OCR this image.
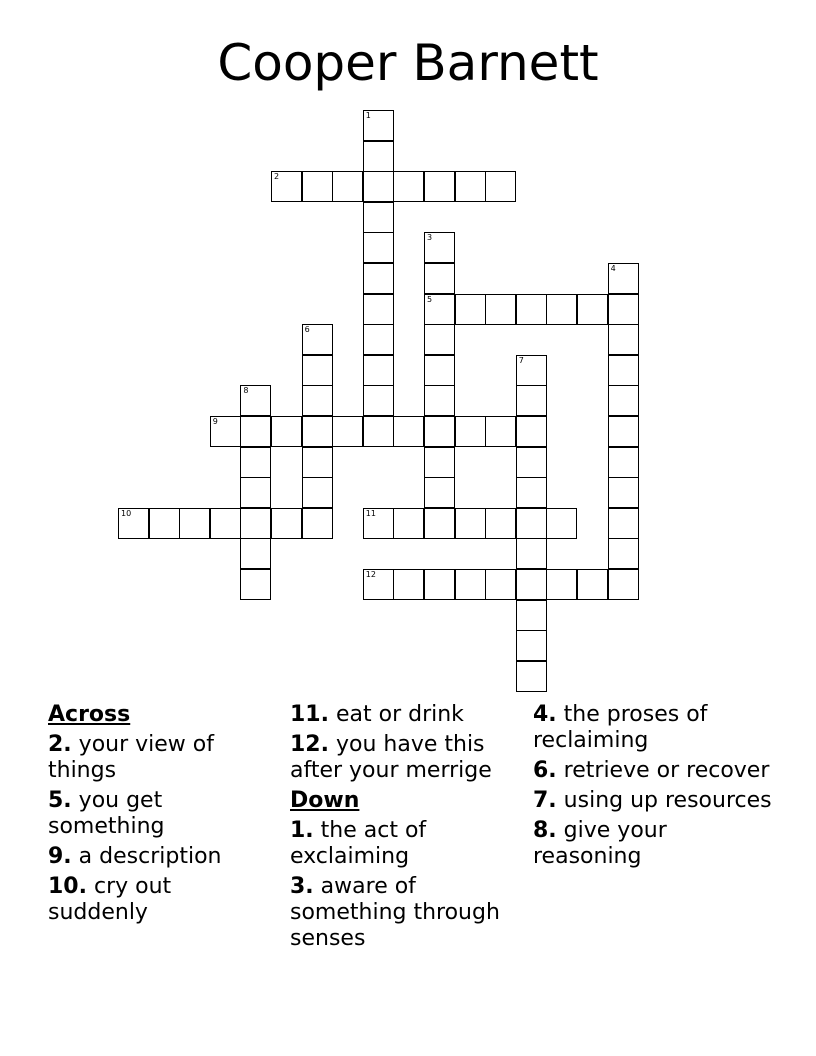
Cooper Barnett
1
2
3
5
4
6
7
8
9
10	11
12
Across
2. your view of things
5. you get something
9. a description
10. cry out suddenly
11. eat or drink
12. you have this after your merrige
Down
1. the act of exclaiming
3. aware of something through senses
4. the proses of reclaiming
6. retrieve or recover
7. using up resources
8. give your reasoning
